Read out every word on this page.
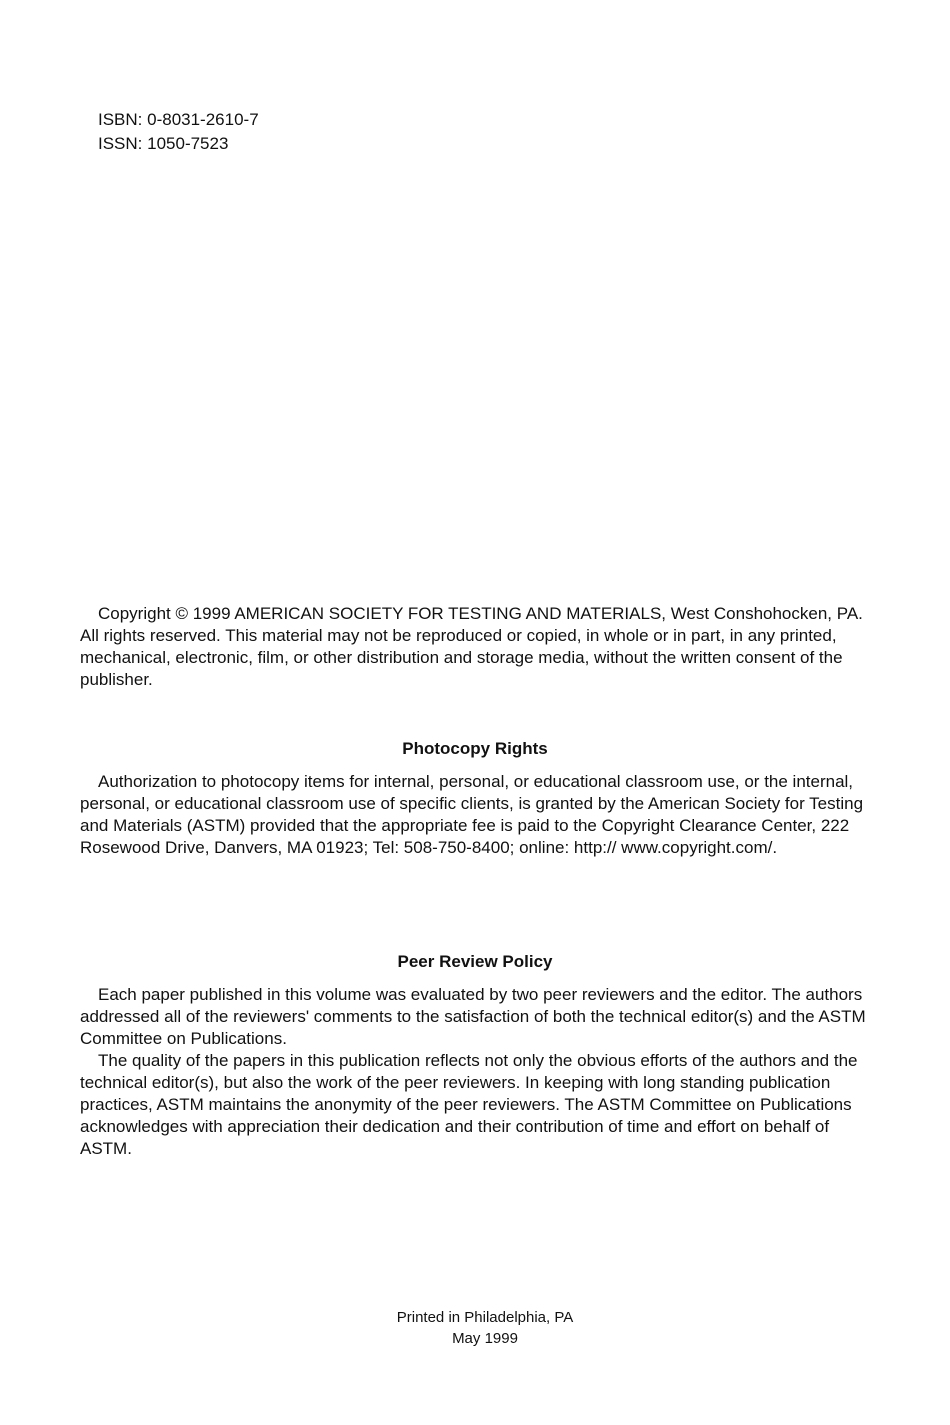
ISBN: 0-8031-2610-7
ISSN: 1050-7523

Copyright © 1999 AMERICAN SOCIETY FOR TESTING AND MATERIALS, West Conshohocken, PA. All rights reserved. This material may not be reproduced or copied, in whole or in part, in any printed, mechanical, electronic, film, or other distribution and storage media, without the written consent of the publisher.

Photocopy Rights

Authorization to photocopy items for internal, personal, or educational classroom use, or the internal, personal, or educational classroom use of specific clients, is granted by the American Society for Testing and Materials (ASTM) provided that the appropriate fee is paid to the Copyright Clearance Center, 222 Rosewood Drive, Danvers, MA 01923; Tel: 508-750-8400; online: http:// www.copyright.com/.

Peer Review Policy

Each paper published in this volume was evaluated by two peer reviewers and the editor. The authors addressed all of the reviewers' comments to the satisfaction of both the technical editor(s) and the ASTM Committee on Publications.

The quality of the papers in this publication reflects not only the obvious efforts of the authors and the technical editor(s), but also the work of the peer reviewers. In keeping with long standing publication practices, ASTM maintains the anonymity of the peer reviewers. The ASTM Committee on Publications acknowledges with appreciation their dedication and their contribution of time and effort on behalf of ASTM.

Printed in Philadelphia, PA
May 1999
